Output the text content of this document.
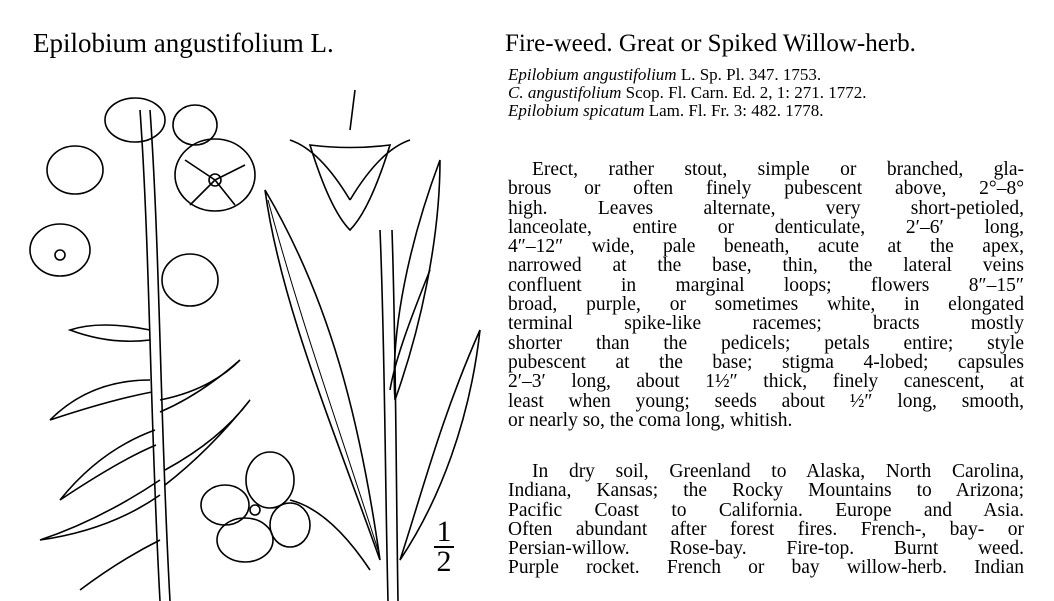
Epilobium angustifolium L.	Fire-weed. Great or Spiked Willow-herb.
Epilobium angustifolium L. Sp. Pl. 347. 1753.
C. angustifolium Scop. Fl. Carn. Ed. 2, 1: 271. 1772.
Epilobium spicatum Lam. Fl. Fr. 3: 482. 1778.
Erect, rather stout, simple or branched, gla-
brous or often finely pubescent above, 2°–8°
high. Leaves alternate, very short-petioled,
lanceolate, entire or denticulate, 2′–6′ long,
4″–12″ wide, pale beneath, acute at the apex,
narrowed at the base, thin, the lateral veins
confluent in marginal loops; flowers 8″–15″
broad, purple, or sometimes white, in elongated
terminal spike-like racemes; bracts mostly
shorter than the pedicels; petals entire; style
pubescent at the base; stigma 4-lobed; capsules
2′–3′ long, about 1½″ thick, finely canescent, at
least when young; seeds about ½″ long, smooth,
or nearly so, the coma long, whitish.
In dry soil, Greenland to Alaska, North Carolina,
Indiana, Kansas; the Rocky Mountains to Arizona;
Pacific Coast to California. Europe and Asia.
Often abundant after forest fires. French-, bay- or
Persian-willow. Rose-bay. Fire-top. Burnt weed.
Purple rocket. French or bay willow-herb. Indian
1
2
